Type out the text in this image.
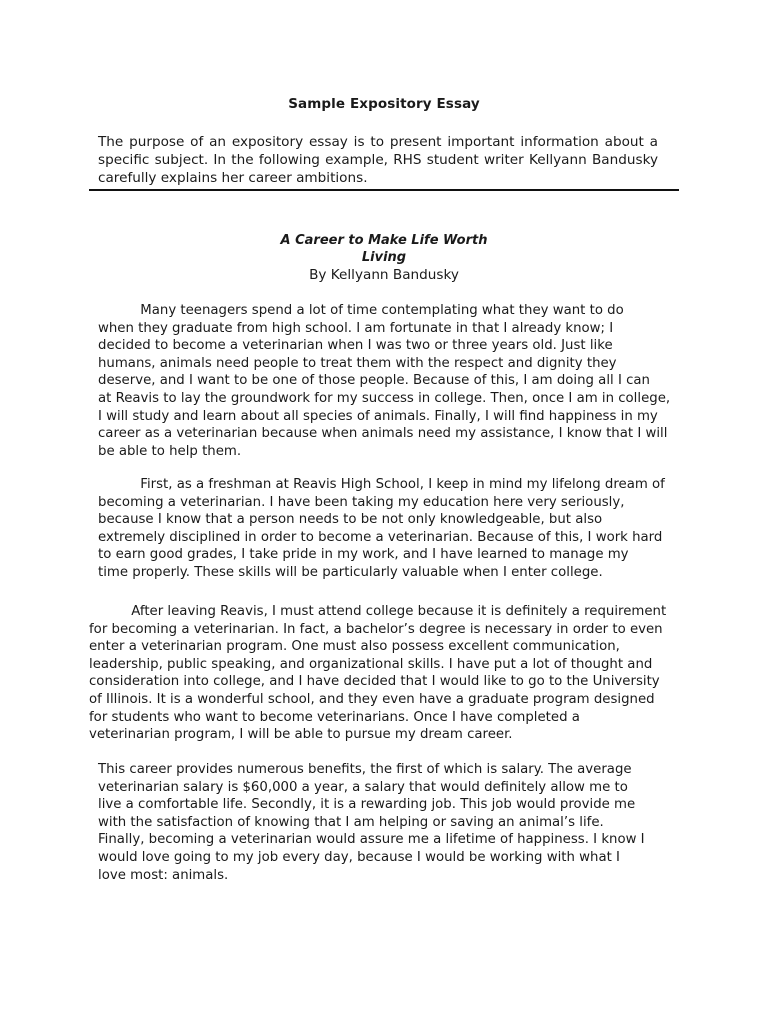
Sample Expository Essay

The purpose of an expository essay is to present important information about a specific subject. In the following example, RHS student writer Kellyann Bandusky carefully explains her career ambitions.

A Career to Make Life Worth
Living
By Kellyann Bandusky
Many teenagers spend a lot of time contemplating what they want to do
when they graduate from high school. I am fortunate in that I already know; I
decided to become a veterinarian when I was two or three years old. Just like
humans, animals need people to treat them with the respect and dignity they
deserve, and I want to be one of those people. Because of this, I am doing all I can
at Reavis to lay the groundwork for my success in college. Then, once I am in college,
I will study and learn about all species of animals. Finally, I will find happiness in my
career as a veterinarian because when animals need my assistance, I know that I will
be able to help them.
First, as a freshman at Reavis High School, I keep in mind my lifelong dream of
becoming a veterinarian. I have been taking my education here very seriously,
because I know that a person needs to be not only knowledgeable, but also
extremely disciplined in order to become a veterinarian. Because of this, I work hard
to earn good grades, I take pride in my work, and I have learned to manage my
time properly. These skills will be particularly valuable when I enter college.
After leaving Reavis, I must attend college because it is definitely a requirement
for becoming a veterinarian. In fact, a bachelor’s degree is necessary in order to even
enter a veterinarian program. One must also possess excellent communication,
leadership, public speaking, and organizational skills. I have put a lot of thought and
consideration into college, and I have decided that I would like to go to the University
of Illinois. It is a wonderful school, and they even have a graduate program designed
for students who want to become veterinarians. Once I have completed a
veterinarian program, I will be able to pursue my dream career.
This career provides numerous benefits, the first of which is salary. The average
veterinarian salary is $60,000 a year, a salary that would definitely allow me to
live a comfortable life. Secondly, it is a rewarding job. This job would provide me
with the satisfaction of knowing that I am helping or saving an animal’s life.
Finally, becoming a veterinarian would assure me a lifetime of happiness. I know I
would love going to my job every day, because I would be working with what I
love most: animals.
